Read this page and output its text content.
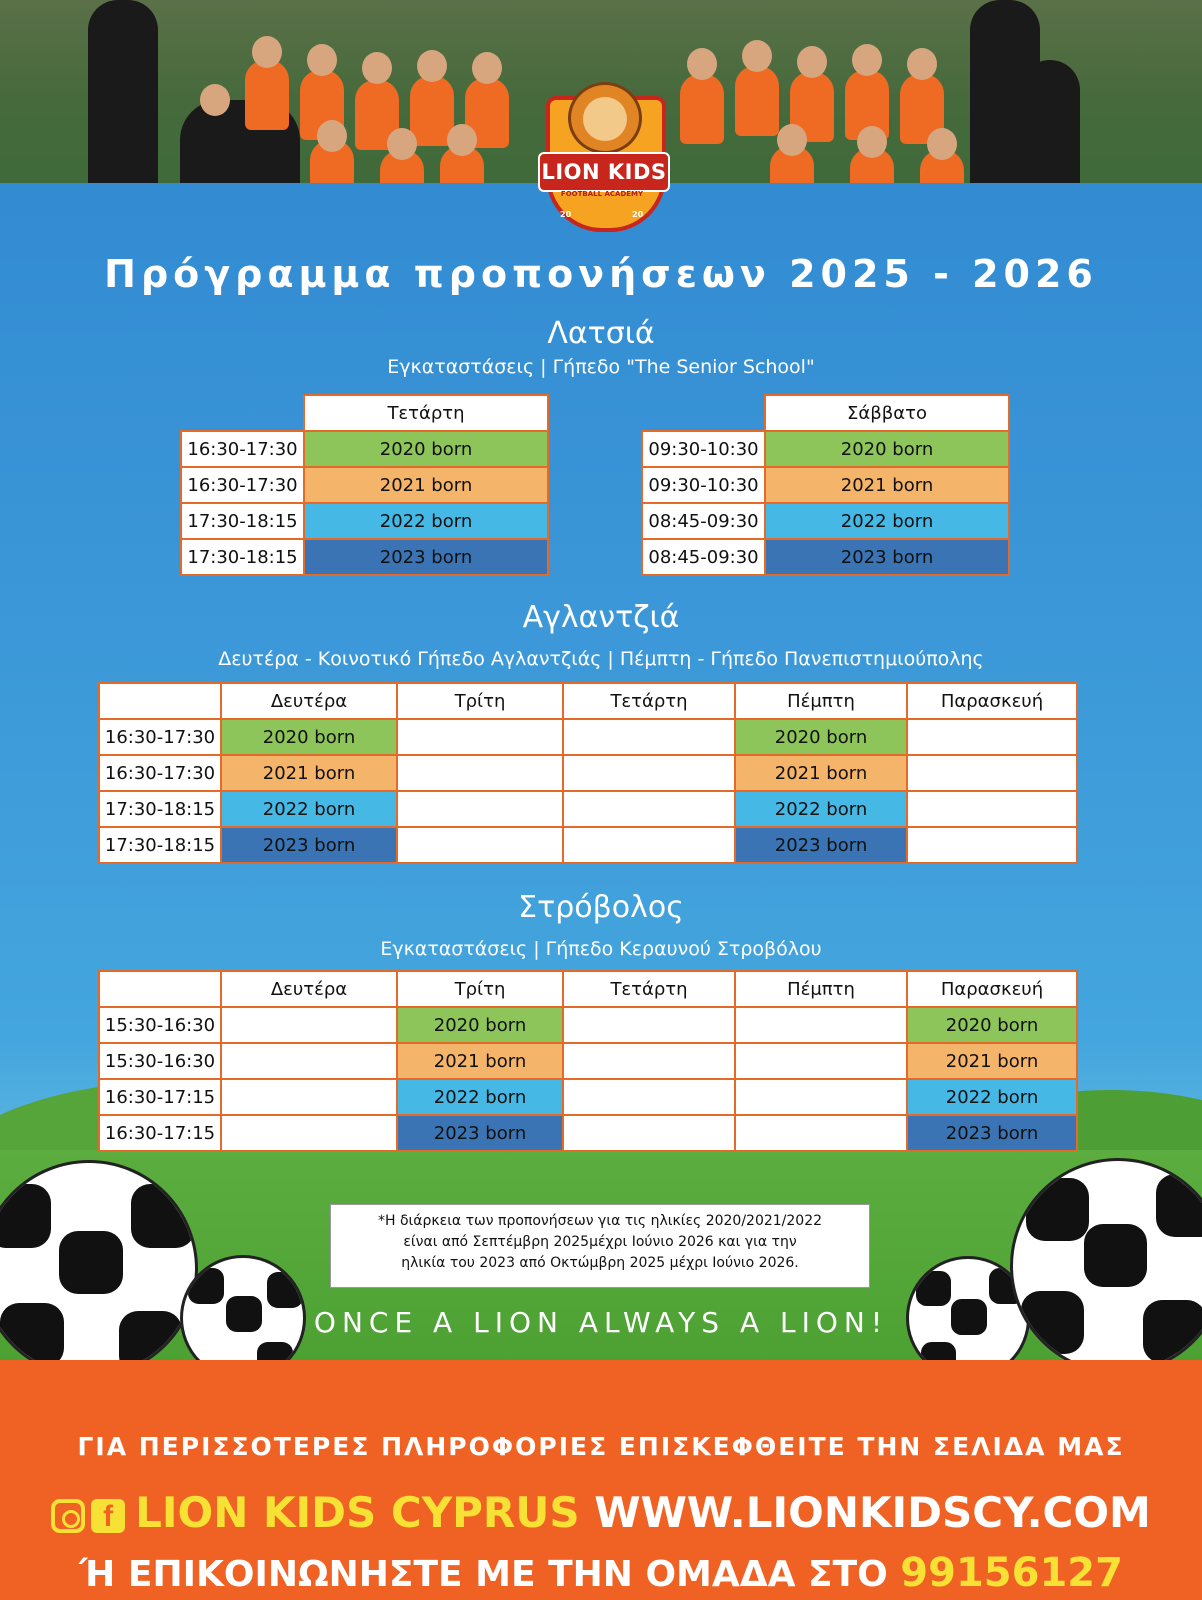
LION KIDS
FOOTBALL ACADEMY
20	20
Πρόγραμμα προπονήσεων 2025 - 2026
Λατσιά
Εγκαταστάσεις | Γήπεδο "The Senior School"
	Τετάρτη
16:30-17:30	2020 born
16:30-17:30	2021 born
17:30-18:15	2022 born
17:30-18:15	2023 born
	Σάββατο
09:30-10:30	2020 born
09:30-10:30	2021 born
08:45-09:30	2022 born
08:45-09:30	2023 born
Αγλαντζιά
Δευτέρα - Κοινοτικό Γήπεδο Αγλαντζιάς | Πέμπτη - Γήπεδο Πανεπιστημιούπολης
	Δευτέρα	Τρίτη	Τετάρτη	Πέμπτη	Παρασκευή
16:30-17:30	2020 born			2020 born	
16:30-17:30	2021 born			2021 born	
17:30-18:15	2022 born			2022 born	
17:30-18:15	2023 born			2023 born	
Στρόβολος
Εγκαταστάσεις | Γήπεδο Κεραυνού Στροβόλου
	Δευτέρα	Τρίτη	Τετάρτη	Πέμπτη	Παρασκευή
15:30-16:30		2020 born			2020 born
15:30-16:30		2021 born			2021 born
16:30-17:15		2022 born			2022 born
16:30-17:15		2023 born			2023 born
*Η διάρκεια των προπονήσεων για τις ηλικίες 2020/2021/2022
είναι από Σεπτέμβρη 2025μέχρι Ιούνιο 2026 και για την
ηλικία του 2023 από Οκτώμβρη 2025 μέχρι Ιούνιο 2026.
ONCE A LION ALWAYS A LION!
ΓΙΑ ΠΕΡΙΣΣΟΤΕΡΕΣ ΠΛΗΡΟΦΟΡΙΕΣ ΕΠΙΣΚΕΦΘΕΙΤΕ ΤΗΝ ΣΕΛΙΔΑ ΜΑΣ
f LION KIDS CYPRUS WWW.LIONKIDSCY.COM
Ή ΕΠΙΚΟΙΝΩΝΗΣΤΕ ΜΕ ΤΗΝ ΟΜΑΔΑ ΣΤΟ 99156127
